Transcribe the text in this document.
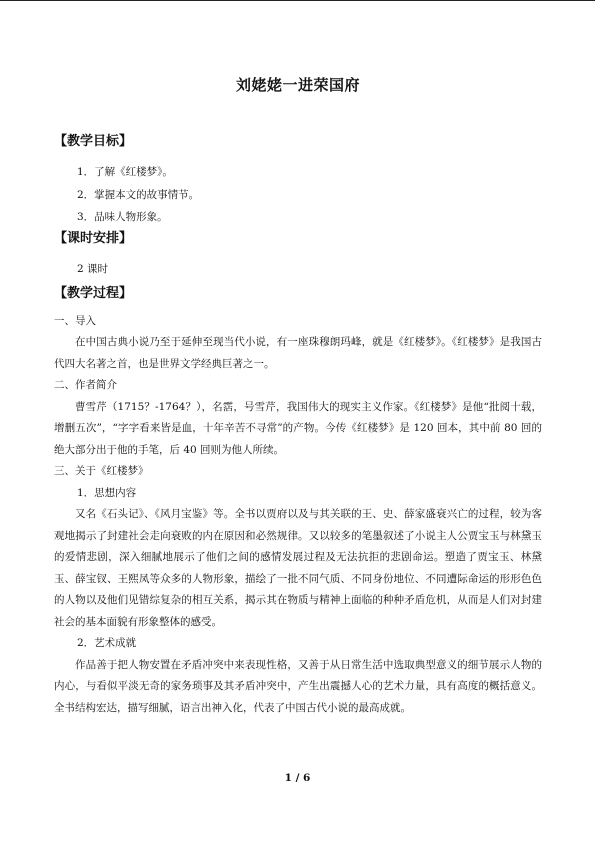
刘姥姥一进荣国府
【教学目标】
1．了解《红楼梦》。
2．掌握本文的故事情节。
3．品味人物形象。
【课时安排】
2 课时
【教学过程】
一、导入

在中国古典小说乃至于延伸至现当代小说，有一座珠穆朗玛峰，就是《红楼梦》。《红楼梦》是我国古代四大名著之首，也是世界文学经典巨著之一。

二、作者简介

曹雪芹（1715？-1764？），名霑，号雪芹，我国伟大的现实主义作家。《红楼梦》是他“批阅十载，增删五次”，“字字看来皆是血，十年辛苦不寻常”的产物。今传《红楼梦》是 120 回本，其中前 80 回的绝大部分出于他的手笔，后 40 回则为他人所续。

三、关于《红楼梦》
1．思想内容

又名《石头记》、《风月宝鉴》等。全书以贾府以及与其关联的王、史、薛家盛衰兴亡的过程，较为客观地揭示了封建社会走向衰败的内在原因和必然规律。又以较多的笔墨叙述了小说主人公贾宝玉与林黛玉的爱情悲剧，深入细腻地展示了他们之间的感情发展过程及无法抗拒的悲剧命运。塑造了贾宝玉、林黛玉、薛宝钗、王熙凤等众多的人物形象，描绘了一批不同气质、不同身份地位、不同遭际命运的形形色色的人物以及他们见错综复杂的相互关系，揭示其在物质与精神上面临的种种矛盾危机，从而是人们对封建社会的基本面貌有形象整体的感受。

2．艺术成就

作品善于把人物安置在矛盾冲突中来表现性格，又善于从日常生活中选取典型意义的细节展示人物的内心，与看似平淡无奇的家务琐事及其矛盾冲突中，产生出震撼人心的艺术力量，具有高度的概括意义。全书结构宏达，描写细腻，语言出神入化，代表了中国古代小说的最高成就。

1 / 6
